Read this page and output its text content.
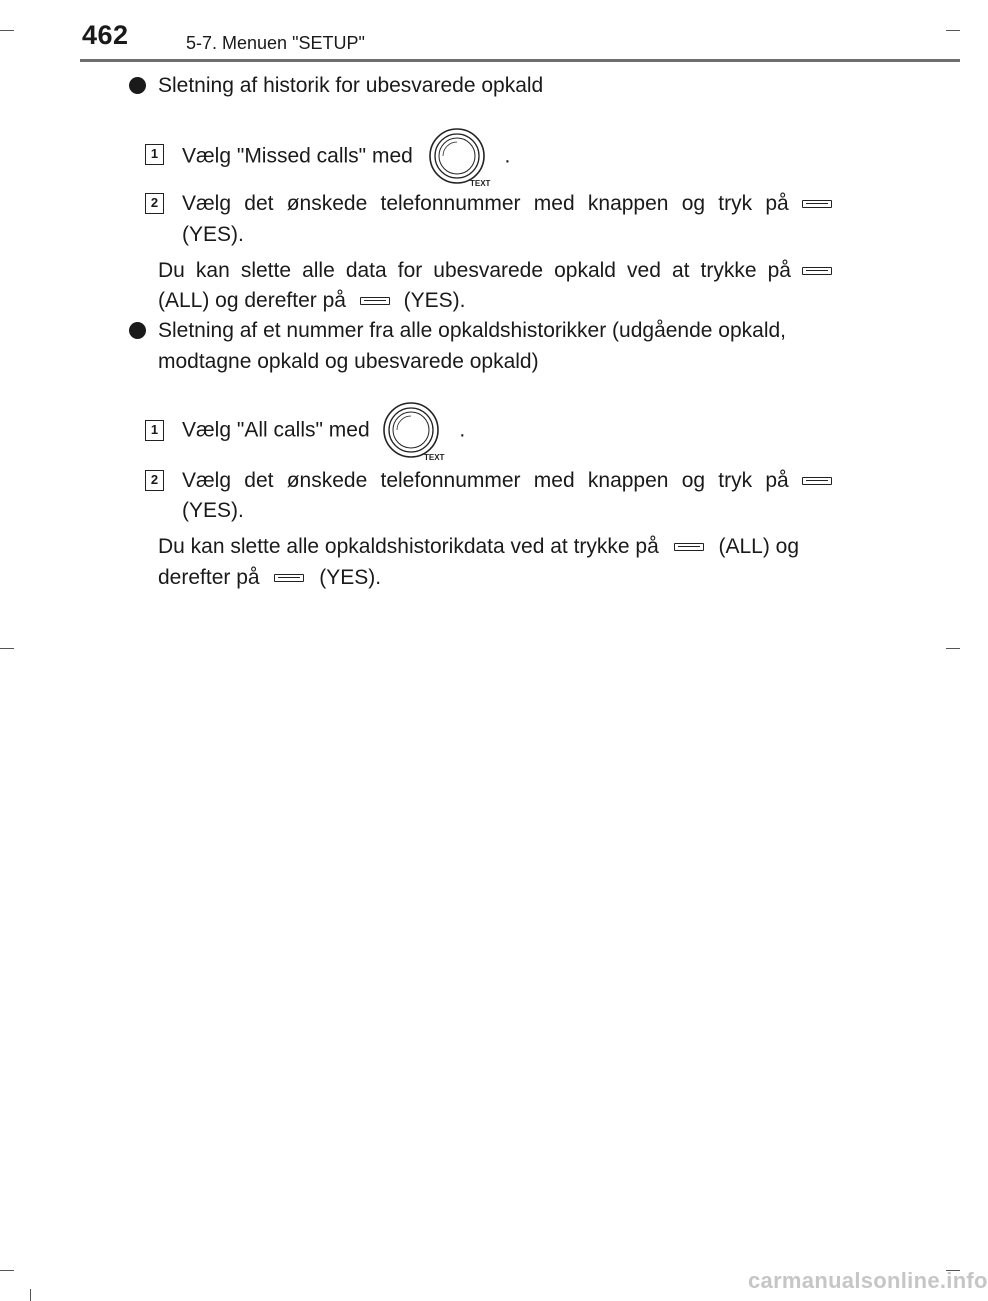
462	5-7. Menuen "SETUP"
Sletning af historik for ubesvarede opkald
1 Vælg "Missed calls" med
TEXT
.
2 Vælg det ønskede telefonnummer med knappen og tryk på
(YES).
Du kan slette alle data for ubesvarede opkald ved at trykke på
(ALL) og derefter på	(YES).
Sletning af et nummer fra alle opkaldshistorikker (udgående opkald,
modtagne opkald og ubesvarede opkald)
1 Vælg "All calls" med
TEXT
.
2 Vælg det ønskede telefonnummer med knappen og tryk på
(YES).
Du kan slette alle opkaldshistorikdata ved at trykke på	(ALL) og
derefter på	(YES).
carmanualsonline.info
